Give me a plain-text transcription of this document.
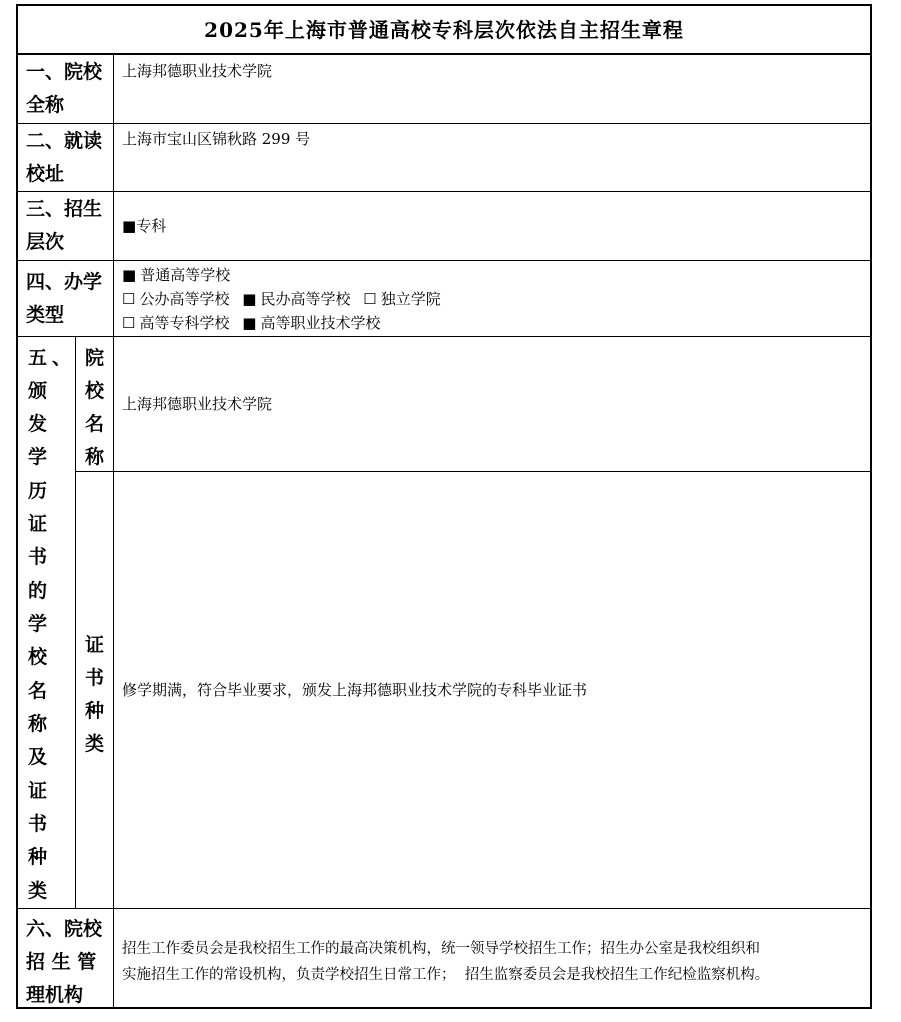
2025年上海市普通高校专科层次依法自主招生章程
一、院校
全称
上海邦德职业技术学院
二、就读
校址
上海市宝山区锦秋路 299 号
三、招生
层次
■专科
四、办学
类型
■ 普通高等学校
☐ 公办高等学校 ■ 民办高等学校 ☐ 独立学院
☐ 高等专科学校 ■ 高等职业技术学校
五 、
颁
发
学
历
证
书
的
学
校
名
称
及
证
书
种
类
院
校
名
称
上海邦德职业技术学院
证
书
种
类
修学期满，符合毕业要求，颁发上海邦德职业技术学院的专科毕业证书
六、院校
招 生 管
理机构
招生工作委员会是我校招生工作的最高决策机构，统一领导学校招生工作；招生办公室是我校组织和
实施招生工作的常设机构，负责学校招生日常工作；  招生监察委员会是我校招生工作纪检监察机构。
